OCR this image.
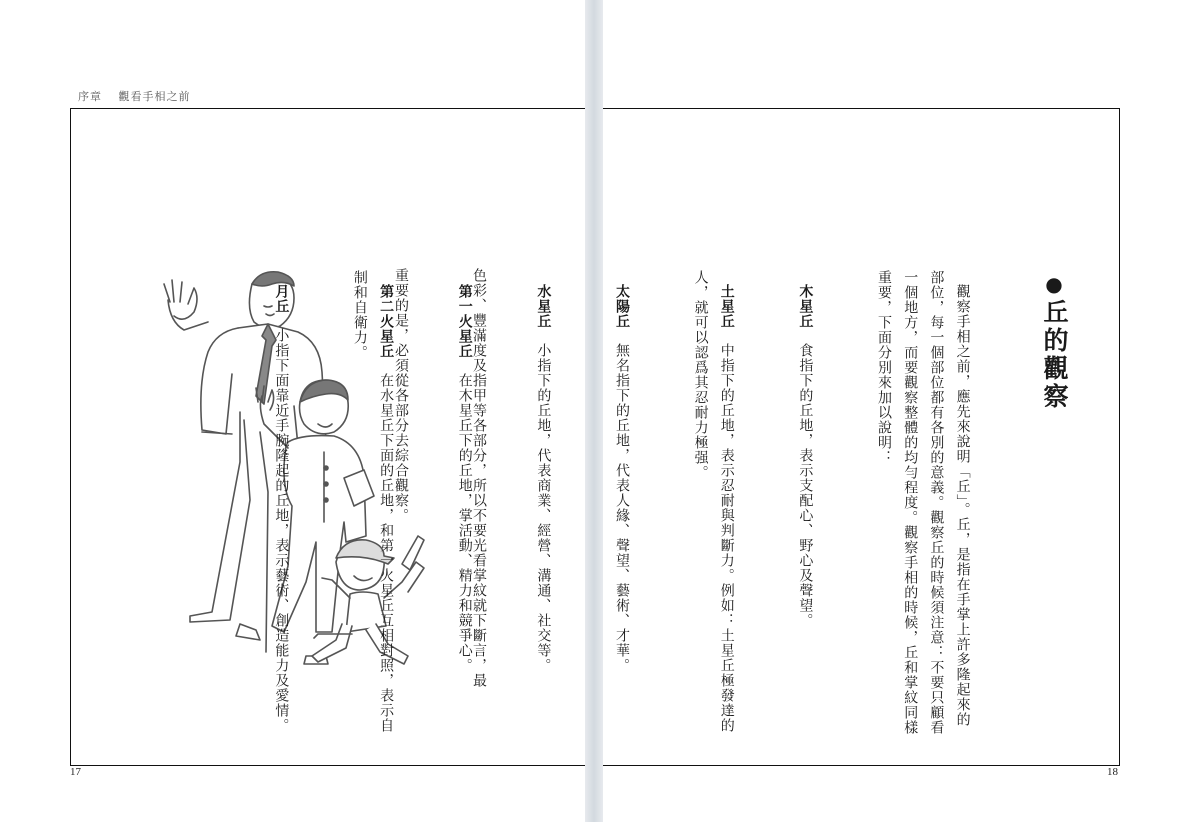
序章 觀看手相之前

色彩、豐滿度及指甲等各部分，所以不要光看掌紋就下斷言，最

重要的是，必須從各部分去綜合觀察。

17
●丘的觀察

觀察手相之前，應先來說明「丘」。丘，是指在手掌上許多隆起來的部位，每一個部位都有各別的意義。觀察丘的時候須注意：不要只顧看一個地方，而要觀察整體的均勻程度。觀察手相的時候，丘和掌紋同樣重要，下面分別來加以說明：

木星丘食指下的丘地，表示支配心、野心及聲望。

土星丘中指下的丘地，表示忍耐與判斷力。例如：土星丘極發達的人，就可以認爲其忍耐力極强。

太陽丘無名指下的丘地，代表人緣、聲望、藝術、才華。

水星丘小指下的丘地，代表商業、經營、溝通、社交等。

第一火星丘在木星丘下的丘地，掌活動、精力和競爭心。

第二火星丘在水星丘下面的丘地，和第一火星丘互相對照，表示自制和自衛力。

月丘小指下面靠近手腕隆起的丘地，表示藝術、創造能力及愛情。

18
